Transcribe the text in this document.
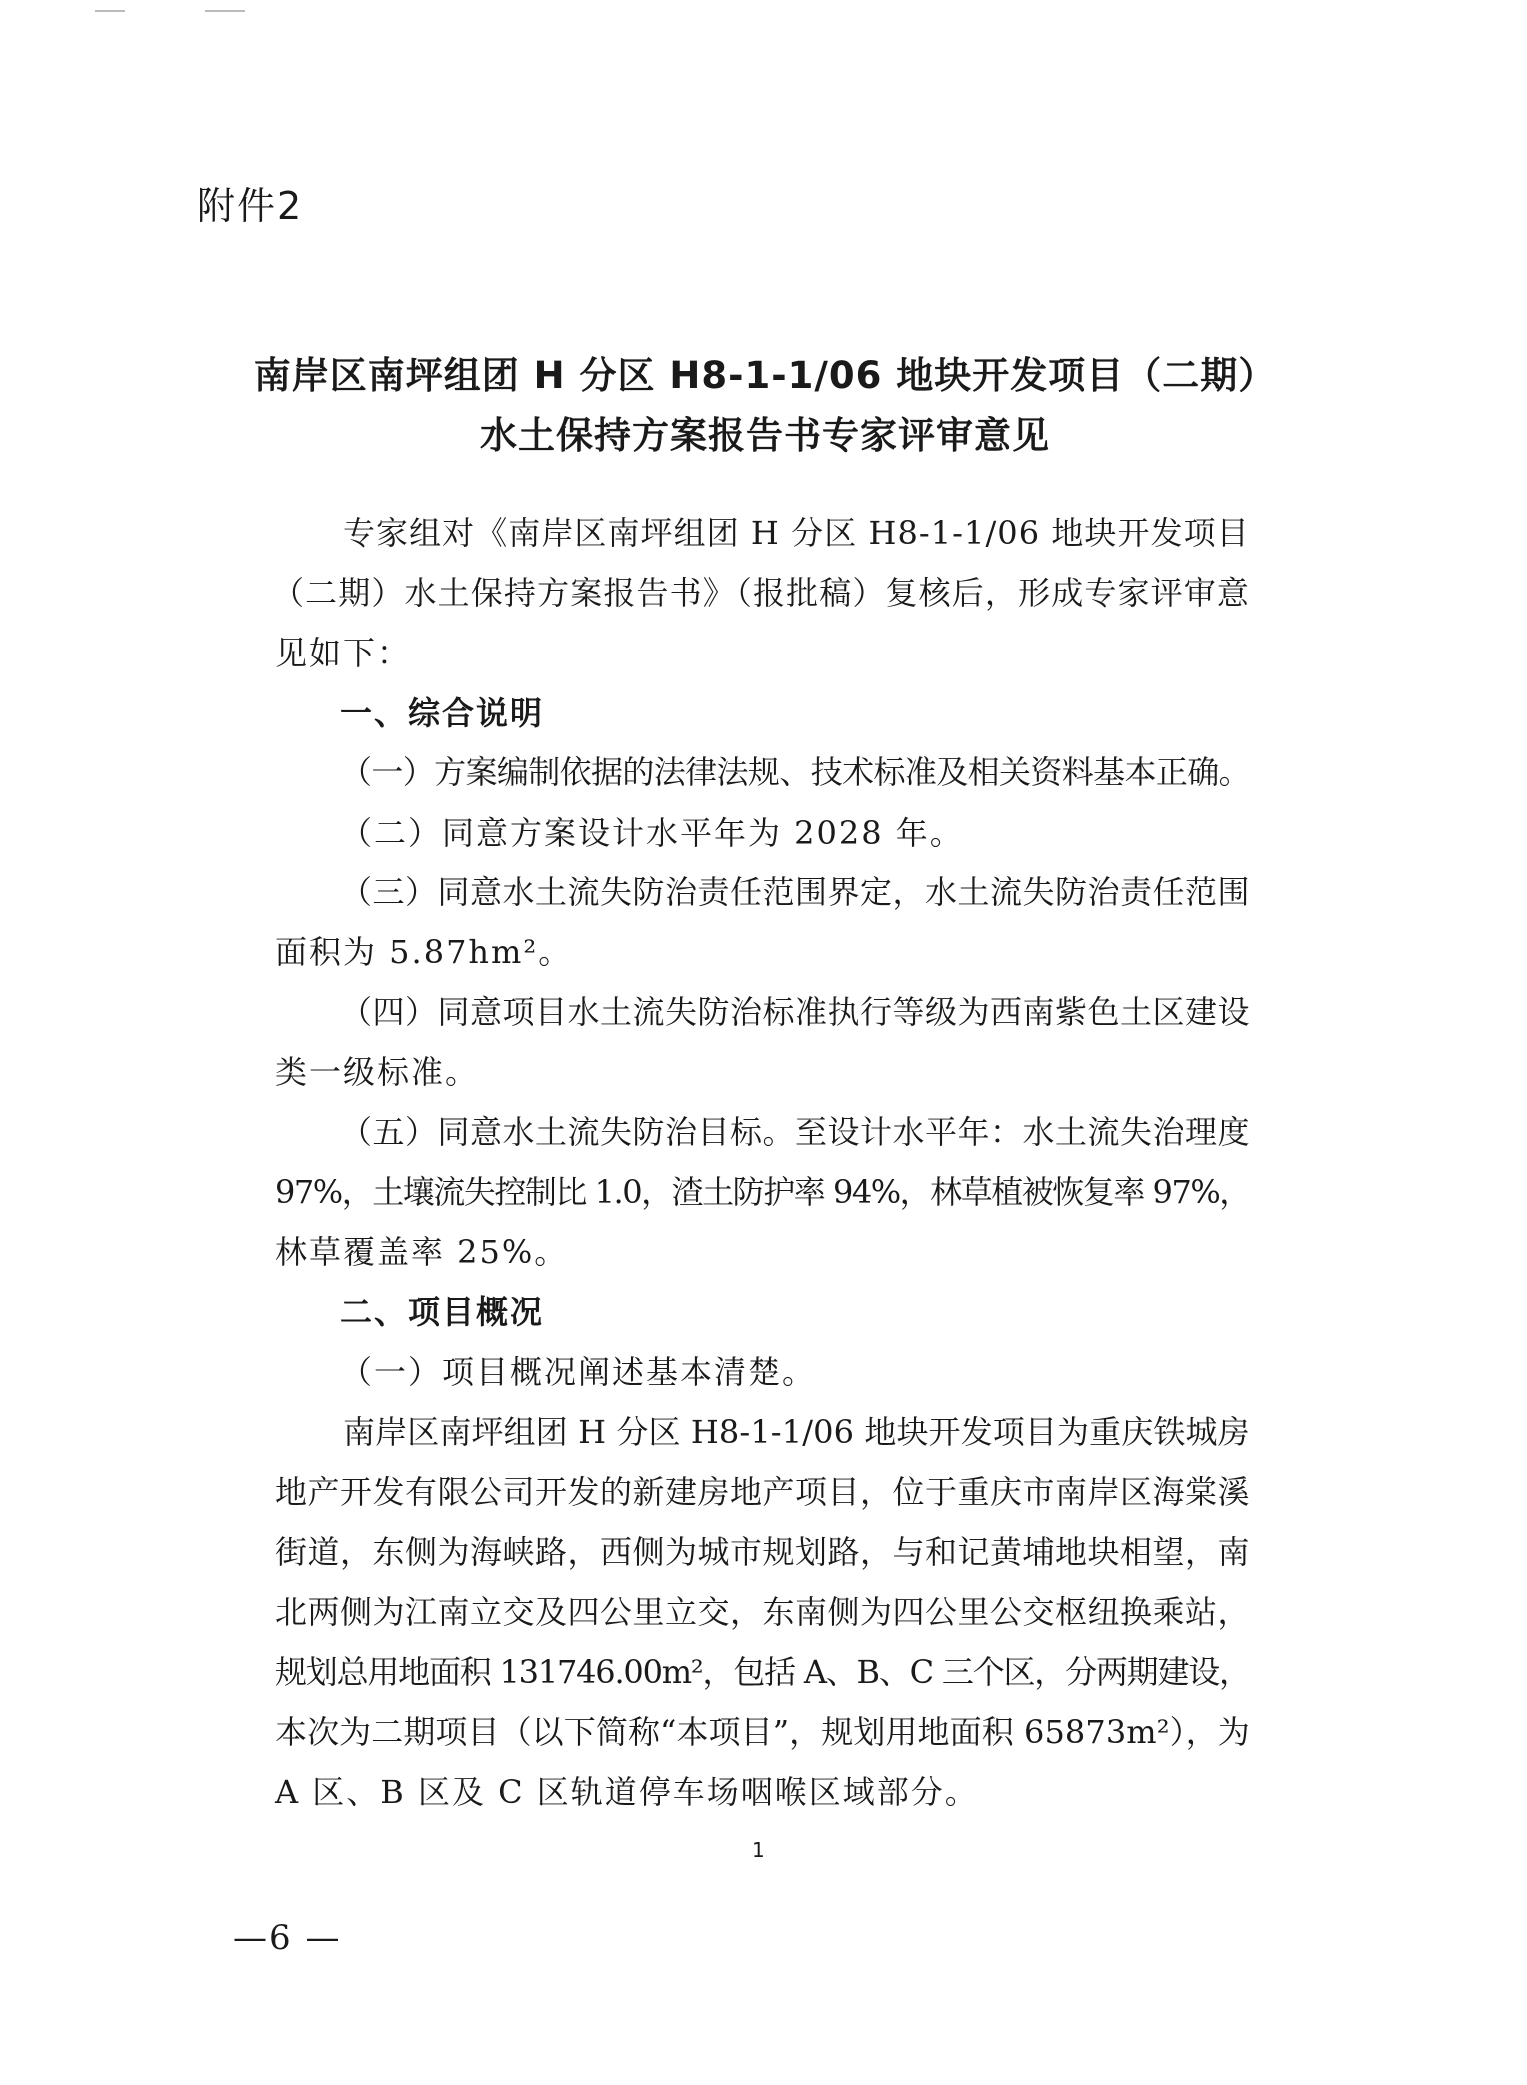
附件2
南岸区南坪组团 H 分区 H8-1-1/06 地块开发项目（二期）
水土保持方案报告书专家评审意见
专家组对《南岸区南坪组团 H 分区 H8-1-1/06 地块开发项目
（二期）水土保持方案报告书》（报批稿）复核后，形成专家评审意
见如下：
一、综合说明
（一）方案编制依据的法律法规、技术标准及相关资料基本正确。
（二）同意方案设计水平年为 2028 年。
（三）同意水土流失防治责任范围界定，水土流失防治责任范围
面积为 5.87hm²。
（四）同意项目水土流失防治标准执行等级为西南紫色土区建设
类一级标准。
（五）同意水土流失防治目标。至设计水平年：水土流失治理度
97%，土壤流失控制比 1.0，渣土防护率 94%，林草植被恢复率 97%，
林草覆盖率 25%。
二、项目概况
（一）项目概况阐述基本清楚。
南岸区南坪组团 H 分区 H8-1-1/06 地块开发项目为重庆铁城房
地产开发有限公司开发的新建房地产项目，位于重庆市南岸区海棠溪
街道，东侧为海峡路，西侧为城市规划路，与和记黄埔地块相望，南
北两侧为江南立交及四公里立交，东南侧为四公里公交枢纽换乘站，
规划总用地面积 131746.00m²，包括 A、B、C 三个区，分两期建设，
本次为二期项目（以下简称“本项目”，规划用地面积 65873m²），为
A 区、B 区及 C 区轨道停车场咽喉区域部分。
1
—6 —
